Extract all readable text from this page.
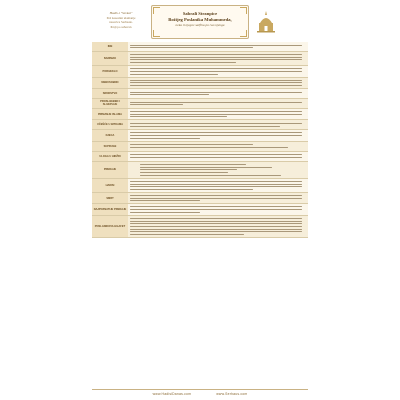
Hadis-i "Sevkat"
Peš naseanin ulamanje
nasavice Serhaale.
Ibnji po sahavan
Sabrali Stranpice
Božijeg Poslanika Muhammeda,
neka ti njegov salfiha po rao njenga
IME
NADIMAK
PORIJEKLO
MEĐUSOBNO
SRODSTVO
PROSLIJEĐEN I SLIJEPLIJE
PRIMANJE ISLAMA
UČEŠĆE U BITKAMA
DJECA
SUPRUGE
ULOGA U HIDŽRI
PREDAJE
HADISI
SMRT
NAJPOZNATIJE PREDAJE
POSLANIKOVA HILAFET
www.HadisiDanas.com	www.Serhaus.com
